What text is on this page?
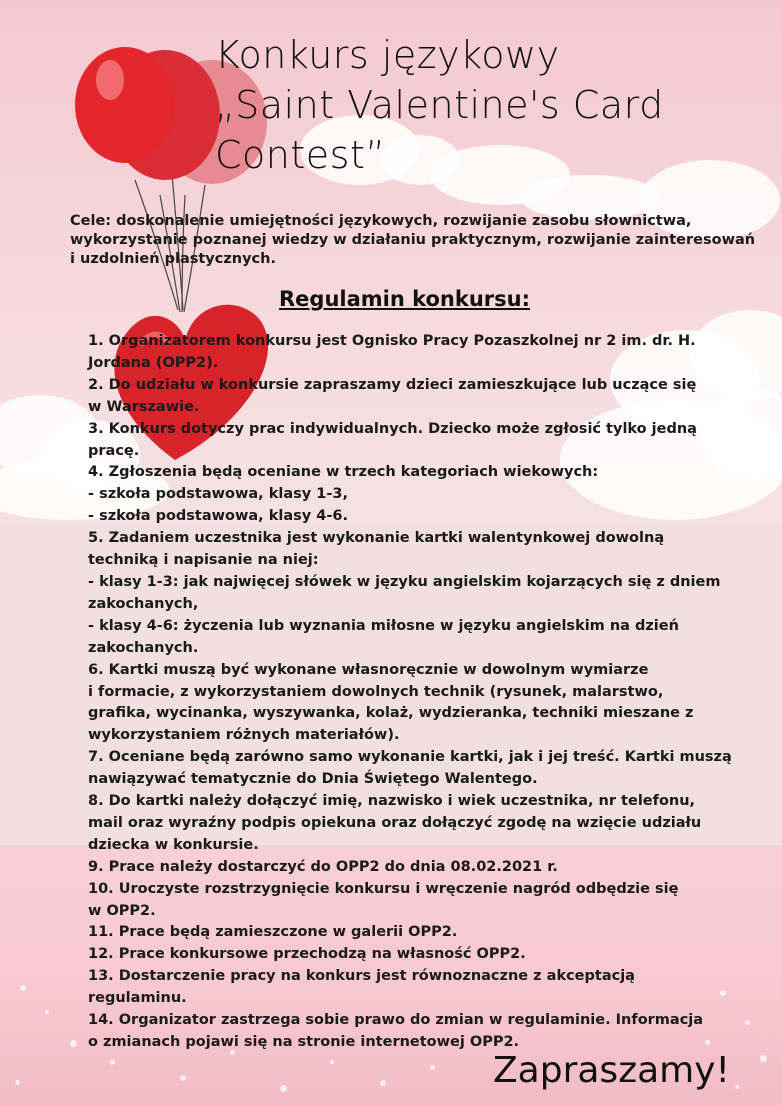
Konkurs językowy
„Saint Valentine's Card Contest”
Cele: doskonalenie umiejętności językowych, rozwijanie zasobu słownictwa,
wykorzystanie poznanej wiedzy w działaniu praktycznym, rozwijanie zainteresowań
i uzdolnień plastycznych.
Regulamin konkursu:
1. Organizatorem konkursu jest Ognisko Pracy Pozaszkolnej nr 2 im. dr. H.
Jordana (OPP2).
2. Do udziału w konkursie zapraszamy dzieci zamieszkujące lub uczące się
w Warszawie.
3. Konkurs dotyczy prac indywidualnych. Dziecko może zgłosić tylko jedną
pracę.
4. Zgłoszenia będą oceniane w trzech kategoriach wiekowych:
- szkoła podstawowa, klasy 1-3,
- szkoła podstawowa, klasy 4-6.
5. Zadaniem uczestnika jest wykonanie kartki walentynkowej dowolną
techniką i napisanie na niej:
- klasy 1-3: jak najwięcej słówek w języku angielskim kojarzących się z dniem
zakochanych,
- klasy 4-6: życzenia lub wyznania miłosne w języku angielskim na dzień
zakochanych.
6. Kartki muszą być wykonane własnoręcznie w dowolnym wymiarze
i formacie, z wykorzystaniem dowolnych technik (rysunek, malarstwo,
grafika, wycinanka, wyszywanka, kolaż, wydzieranka, techniki mieszane z
wykorzystaniem różnych materiałów).
7. Oceniane będą zarówno samo wykonanie kartki, jak i jej treść. Kartki muszą
nawiązywać tematycznie do Dnia Świętego Walentego.
8. Do kartki należy dołączyć imię, nazwisko i wiek uczestnika, nr telefonu,
mail oraz wyraźny podpis opiekuna oraz dołączyć zgodę na wzięcie udziału
dziecka w konkursie.
9. Prace należy dostarczyć do OPP2 do dnia 08.02.2021 r.
10. Uroczyste rozstrzygnięcie konkursu i wręczenie nagród odbędzie się
w OPP2.
11. Prace będą zamieszczone w galerii OPP2.
12. Prace konkursowe przechodzą na własność OPP2.
13. Dostarczenie pracy na konkurs jest równoznaczne z akceptacją
regulaminu.
14. Organizator zastrzega sobie prawo do zmian w regulaminie. Informacja
o zmianach pojawi się na stronie internetowej OPP2.
Zapraszamy!
